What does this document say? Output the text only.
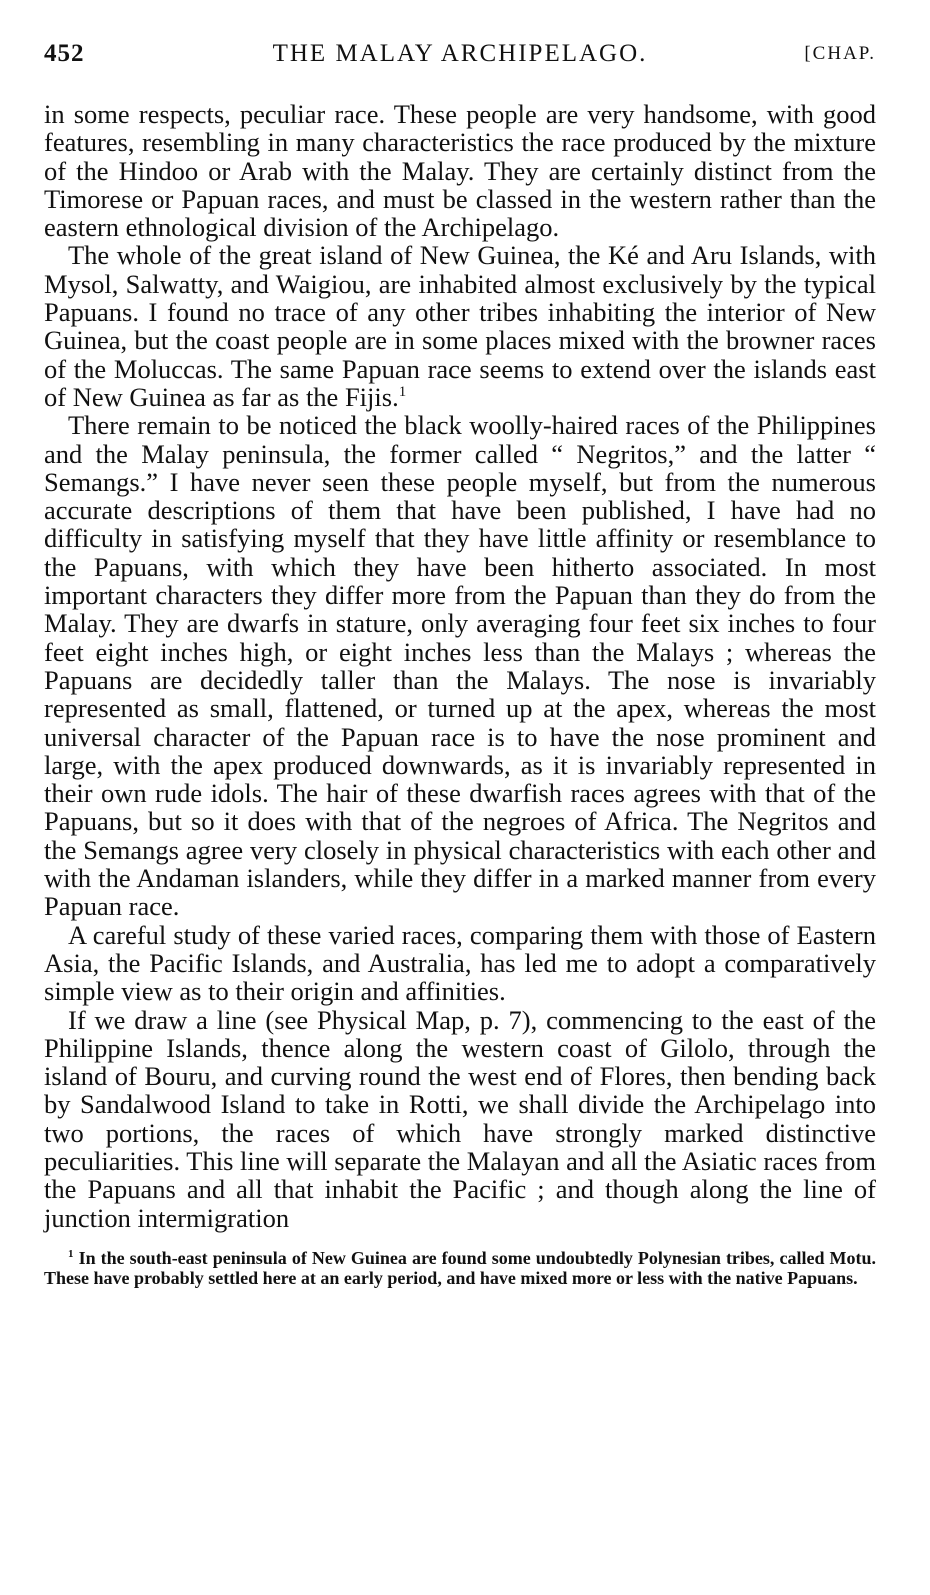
452	THE MALAY ARCHIPELAGO.	[CHAP.

in some respects, peculiar race. These people are very handsome, with good features, resembling in many characteristics the race produced by the mixture of the Hindoo or Arab with the Malay. They are certainly distinct from the Timorese or Papuan races, and must be classed in the western rather than the eastern ethnological division of the Archipelago.

The whole of the great island of New Guinea, the Ké and Aru Islands, with Mysol, Salwatty, and Waigiou, are inhabited almost exclusively by the typical Papuans. I found no trace of any other tribes inhabiting the interior of New Guinea, but the coast people are in some places mixed with the browner races of the Moluccas. The same Papuan race seems to extend over the islands east of New Guinea as far as the Fijis.$^1$

There remain to be noticed the black woolly-haired races of the Philippines and the Malay peninsula, the former called “ Negritos,” and the latter “ Semangs.” I have never seen these people myself, but from the numerous accurate descriptions of them that have been published, I have had no difficulty in satisfying myself that they have little affinity or resemblance to the Papuans, with which they have been hitherto associated. In most important characters they differ more from the Papuan than they do from the Malay. They are dwarfs in stature, only averaging four feet six inches to four feet eight inches high, or eight inches less than the Malays ; whereas the Papuans are decidedly taller than the Malays. The nose is invariably represented as small, flattened, or turned up at the apex, whereas the most universal character of the Papuan race is to have the nose prominent and large, with the apex produced downwards, as it is invariably represented in their own rude idols. The hair of these dwarfish races agrees with that of the Papuans, but so it does with that of the negroes of Africa. The Negritos and the Semangs agree very closely in physical characteristics with each other and with the Andaman islanders, while they differ in a marked manner from every Papuan race.

A careful study of these varied races, comparing them with those of Eastern Asia, the Pacific Islands, and Australia, has led me to adopt a comparatively simple view as to their origin and affinities.

If we draw a line (see Physical Map, p. 7), commencing to the east of the Philippine Islands, thence along the western coast of Gilolo, through the island of Bouru, and curving round the west end of Flores, then bending back by Sandalwood Island to take in Rotti, we shall divide the Archipelago into two portions, the races of which have strongly marked distinctive peculiarities. This line will separate the Malayan and all the Asiatic races from the Papuans and all that inhabit the Pacific ; and though along the line of junction intermigration

$^1$ In the south-east peninsula of New Guinea are found some undoubtedly Polynesian tribes, called Motu. These have probably settled here at an early period, and have mixed more or less with the native Papuans.
